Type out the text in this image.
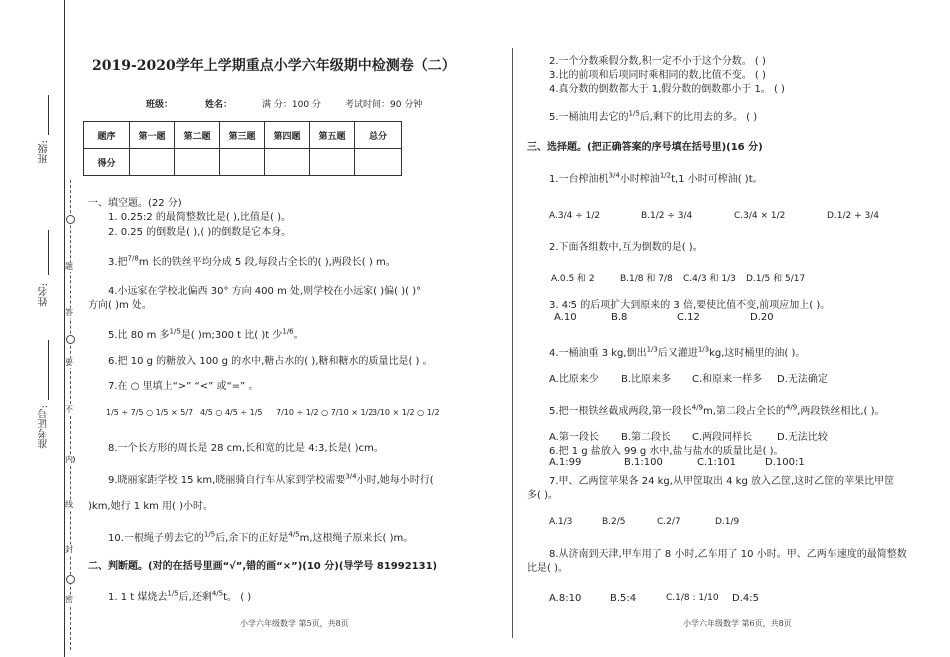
班级:
姓名:
准考证号:
题
答
要
不
内
线
封
密
2019-2020学年上学期重点小学六年级期中检测卷（二）
班级：	姓名：	满 分：100 分	考试时间：90 分钟
题序	第一题	第二题	第三题	第四题	第五题	总分
得分						
一、填空题。(22 分)
1. 0.25:2 的最简整数比是( ),比值是( )。
2. 0.25 的倒数是( ),( )的倒数是它本身。
3.把$^{7/8}$m 长的铁丝平均分成 5 段,每段占全长的( ),两段长( ) m。
4.小远家在学校北偏西 30° 方向 400 m 处,则学校在小远家( )偏( )( )°
方向( )m 处。
5.比 80 m 多$^{1/5}$是( )m;300 t 比( )t 少$^{1/6}$。
6.把 10 g 的糖放入 100 g 的水中,糖占水的( ),糖和糖水的质量比是( ) 。
7.在 ○ 里填上“>” “<” 或“=” 。
1/5 ÷ 7/5 ○ 1/5 × 5/7 4/5 ○ 4/5 ÷ 1/5 7/10 ÷ 1/2 ○ 7/10 × 1/2
3/10 × 1/2 ○ 1/2
8.一个长方形的周长是 28 cm,长和宽的比是 4:3,长是( )cm。
9.晓丽家距学校 15 km,晓丽骑自行车从家到学校需要$^{3/4}$小时,她每小时行(
)km,她行 1 km 用( )小时。
10.一根绳子剪去它的$^{1/5}$后,余下的正好是$^{4/5}$m,这根绳子原来长( )m。
二、判断题。(对的在括号里画“√”,错的画“×”)(10 分)(导学号 81992131)
1. 1 t 煤烧去$^{1/5}$后,还剩$^{4/5}$t。 ( )
小学六年级数学 第5页，共8页
2.一个分数乘假分数,积一定不小于这个分数。 ( )
3.比的前项和后项同时乘相同的数,比值不变。 ( )
4.真分数的倒数都大于 1,假分数的倒数都小于 1。 ( )
5.一桶油用去它的$^{1/5}$后,剩下的比用去的多。 ( )
三、选择题。(把正确答案的序号填在括号里)(16 分)
1.一台榨油机$^{3/4}$小时榨油$^{1/2}$t,1 小时可榨油( )t。
A.3/4 ÷ 1/2	B.1/2 ÷ 3/4	C.3/4 × 1/2	D.1/2 + 3/4
2.下面各组数中,互为倒数的是( )。
A.0.5 和 2	B.1/8 和 7/8 C.4/3 和 1/3 D.1/5 和 5/17
3. 4∶5 的后项扩大到原来的 3 倍,要使比值不变,前项应加上( )。
A.10	B.8	C.12	D.20
4.一桶油重 3 kg,倒出$^{1/3}$后又灌进$^{1/3}$kg,这时桶里的油( )。
A.比原来少 B.比原来多 C.和原来一样多 D.无法确定
5.把一根铁丝截成两段,第一段长$^{4/9}$m,第二段占全长的$^{4/9}$,两段铁丝相比,( )。
A.第一段长 B.第二段长 C.两段同样长 D.无法比较
6.把 1 g 盐放入 99 g 水中,盐与盐水的质量比是( )。
A.1:99	B.1:100	C.1:101	D.100:1
7.甲、乙两筐苹果各 24 kg,从甲筐取出 4 kg 放入乙筐,这时乙筐的苹果比甲筐
多( )。
A.1/3	B.2/5	C.2/7	D.1/9
8.从济南到天津,甲车用了 8 小时,乙车用了 10 小时。甲、乙两车速度的最简整数
比是( )。
A.8:10	B.5:4	C.1/8 : 1/10 D.4:5
小学六年级数学 第6页，共8页
